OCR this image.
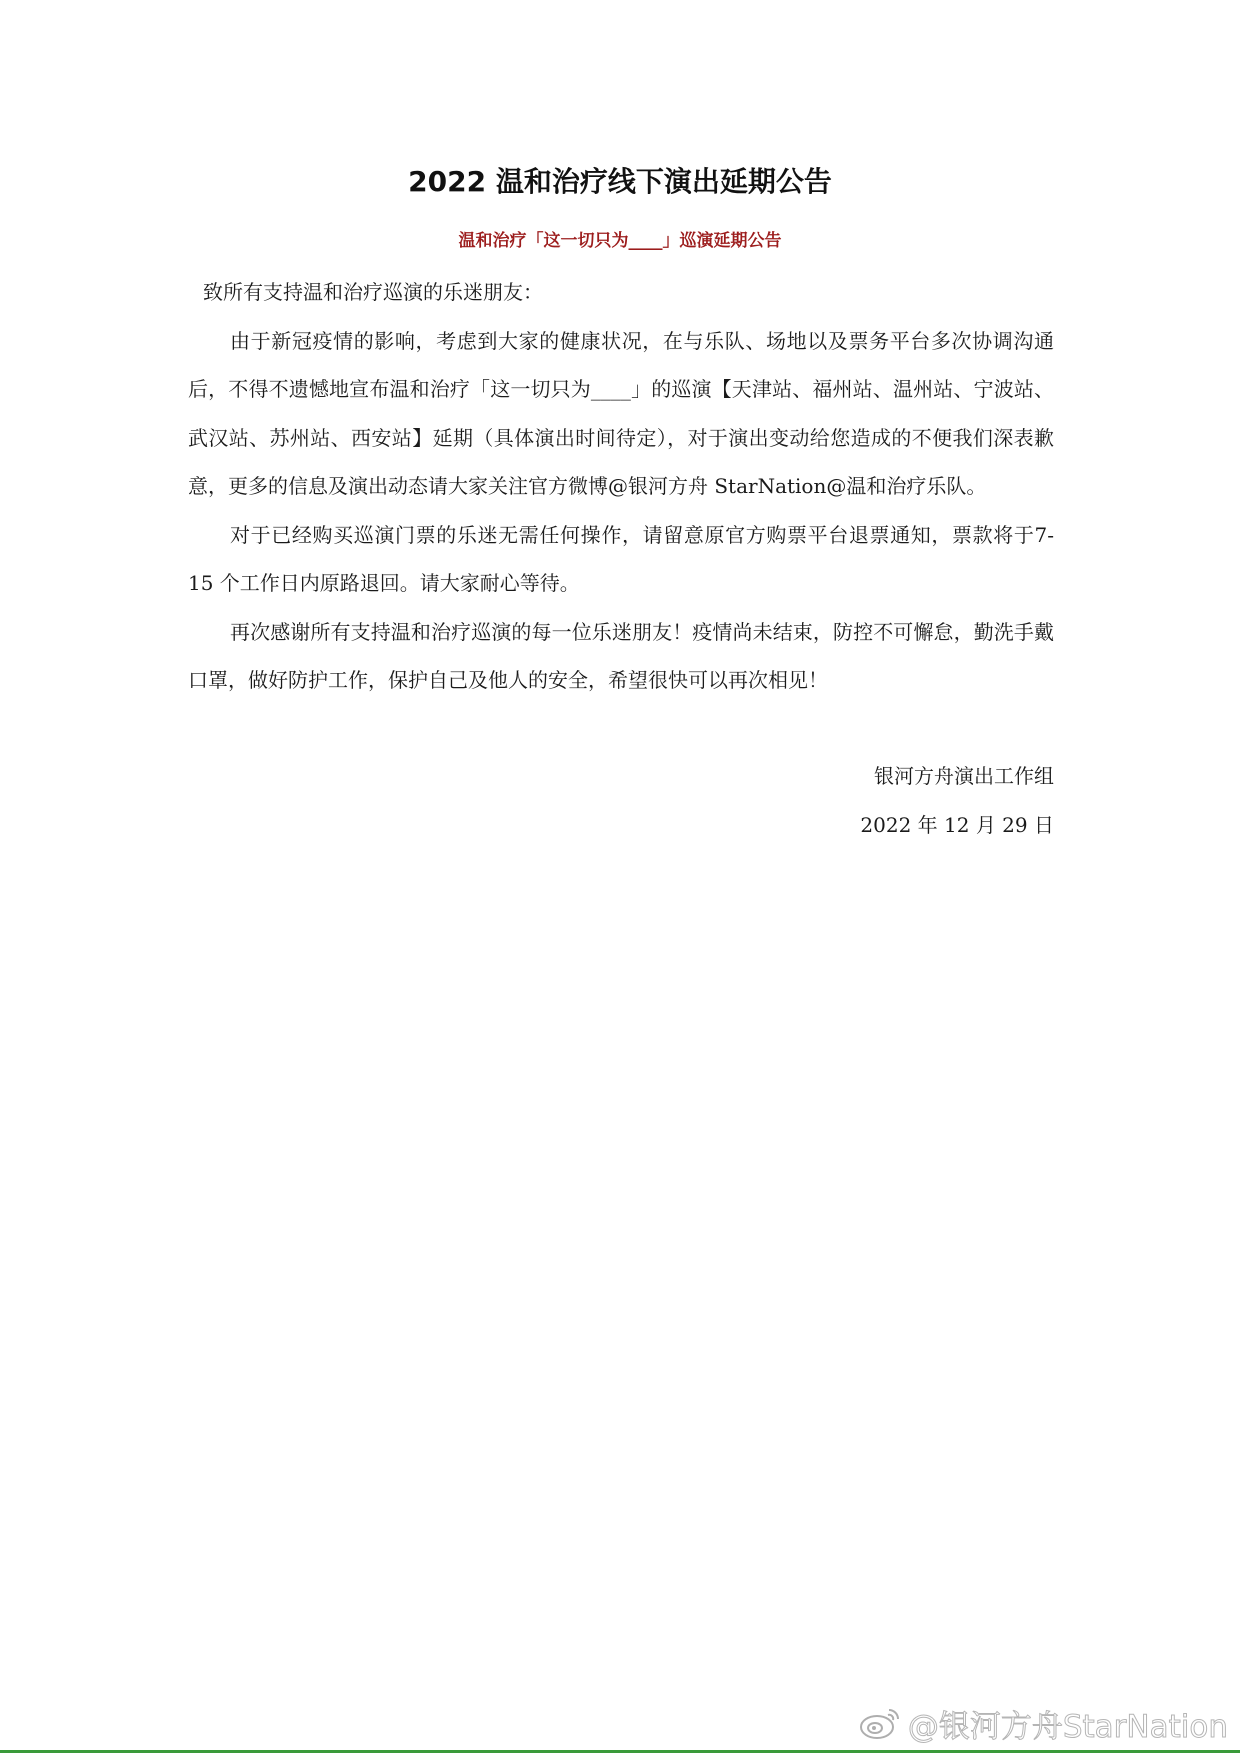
2022 温和治疗线下演出延期公告
温和治疗「这一切只为____」巡演延期公告

致所有支持温和治疗巡演的乐迷朋友：

由于新冠疫情的影响，考虑到大家的健康状况，在与乐队、场地以及票务平台多次协调沟通后，不得不遗憾地宣布温和治疗「这一切只为____」的巡演【天津站、福州站、温州站、宁波站、武汉站、苏州站、西安站】延期（具体演出时间待定），对于演出变动给您造成的不便我们深表歉意，更多的信息及演出动态请大家关注官方微博@银河方舟 StarNation@温和治疗乐队。

对于已经购买巡演门票的乐迷无需任何操作，请留意原官方购票平台退票通知，票款将于7-15 个工作日内原路退回。请大家耐心等待。

再次感谢所有支持温和治疗巡演的每一位乐迷朋友！疫情尚未结束，防控不可懈怠，勤洗手戴口罩，做好防护工作，保护自己及他人的安全，希望很快可以再次相见！

银河方舟演出工作组
2022 年 12 月 29 日
@银河方舟StarNation
